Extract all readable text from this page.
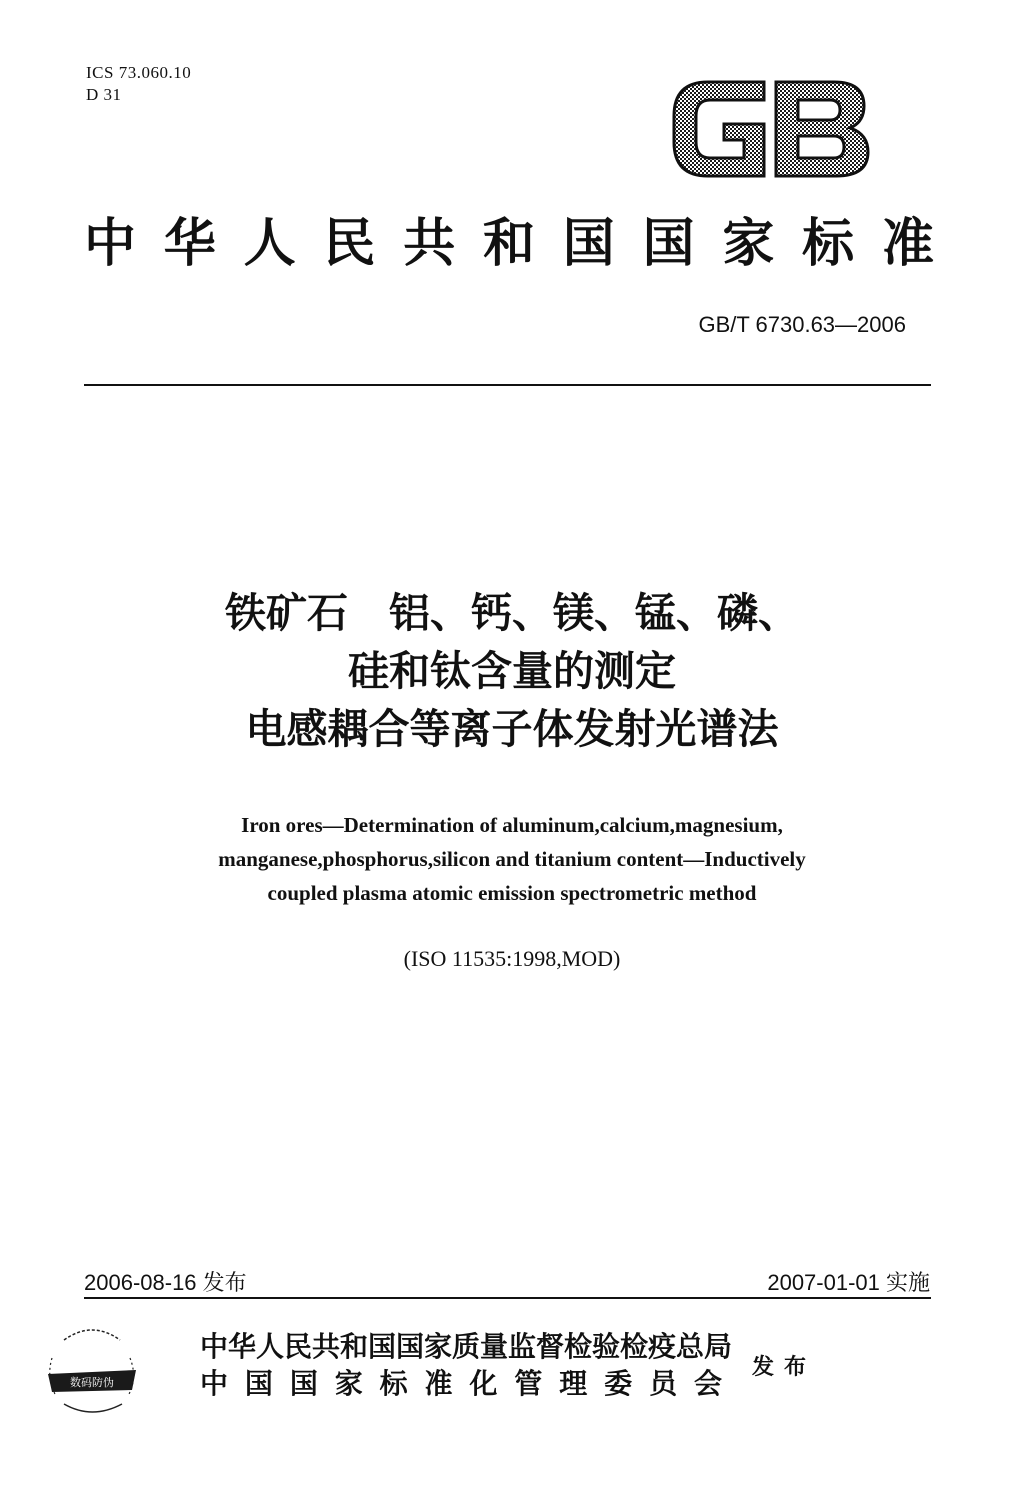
ICS 73.060.10
D 31
GB
中华人民共和国国家标准
GB/T 6730.63—2006
铁矿石　铝、钙、镁、锰、磷、
硅和钛含量的测定
电感耦合等离子体发射光谱法
Iron ores—Determination of aluminum,calcium,magnesium,
manganese,phosphorus,silicon and titanium content—Inductively
coupled plasma atomic emission spectrometric method
(ISO 11535:1998,MOD)
2006-08-16 发布	2007-01-01 实施
数码防伪
中华人民共和国国家质量监督检验检疫总局
中国国家标准化管理委员会 发布
